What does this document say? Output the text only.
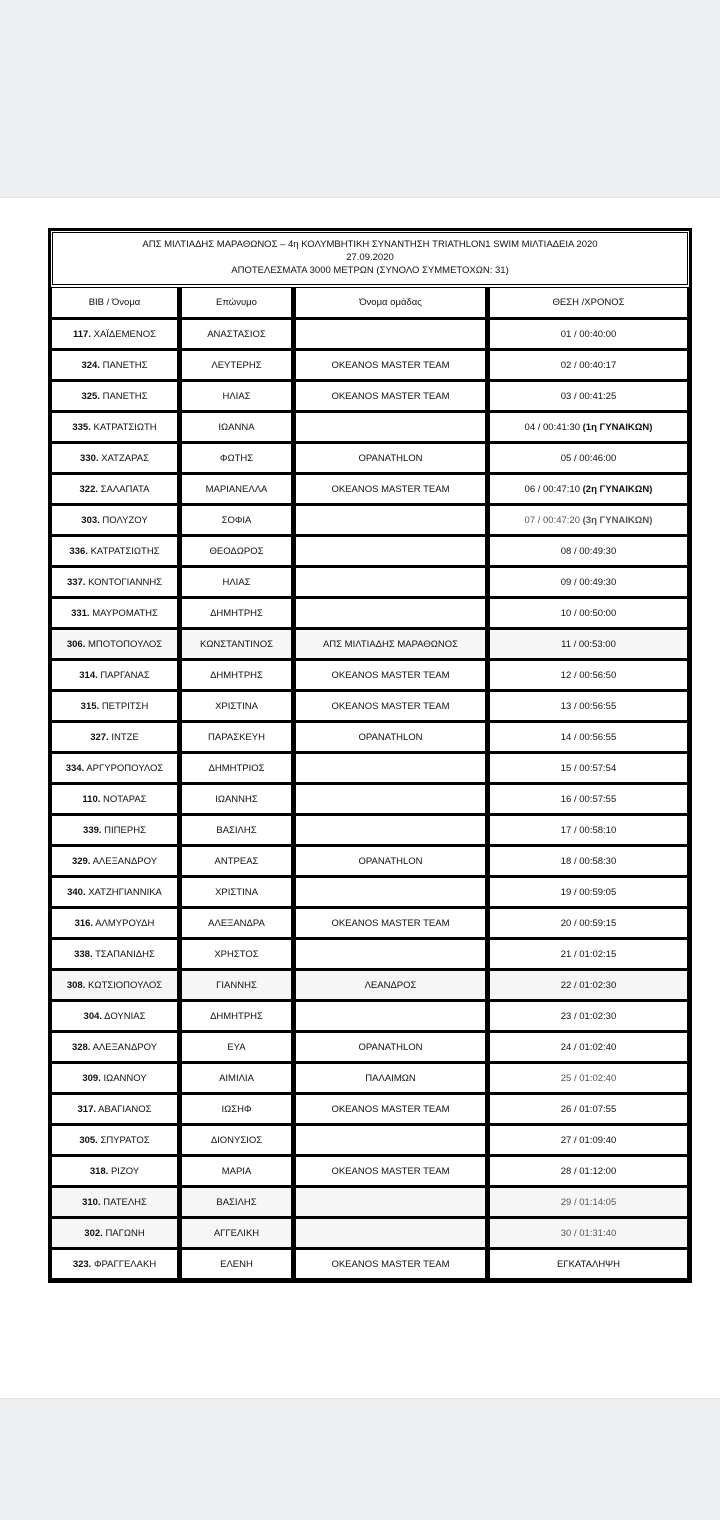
ΑΠΣ ΜΙΛΤΙΑΔΗΣ ΜΑΡΑΘΩΝΟΣ – 4η ΚΟΛΥΜΒΗΤΙΚΗ ΣΥΝΑΝΤΗΣΗ TRIATHLON1 SWIM ΜΙΛΤΙΑΔΕΙΑ 2020
27.09.2020
ΑΠΟΤΕΛΕΣΜΑΤΑ 3000 ΜΕΤΡΩΝ (ΣΥΝΟΛΟ ΣΥΜΜΕΤΟΧΩΝ: 31)
BIB / Όνομα	Επώνυμο	Όνομα ομάδας	ΘΕΣΗ /ΧΡΟΝΟΣ
117. ΧΑΪΔΕΜΕΝΟΣ	ΑΝΑΣΤΑΣΙΟΣ		01 / 00:40:00
324. ΠΑΝΕΤΗΣ	ΛΕΥΤΕΡΗΣ	OKEANOS MASTER TEAM	02 / 00:40:17
325. ΠΑΝΕΤΗΣ	ΗΛΙΑΣ	OKEANOS MASTER TEAM	03 / 00:41:25
335. ΚΑΤΡΑΤΣΙΩΤΗ	ΙΩΑΝΝΑ		04 / 00:41:30 (1η ΓΥΝΑΙΚΩΝ)
330. ΧΑΤΖΑΡΑΣ	ΦΩΤΗΣ	OPANATHLON	05 / 00:46:00
322. ΣΑΛΑΠΑΤΑ	ΜΑΡΙΑΝΕΛΛΑ	OKEANOS MASTER TEAM	06 / 00:47:10 (2η ΓΥΝΑΙΚΩΝ)
303. ΠΟΛΥΖΟΥ	ΣΟΦΙΑ		07 / 00:47:20 (3η ΓΥΝΑΙΚΩΝ)
336. ΚΑΤΡΑΤΣΙΩΤΗΣ	ΘΕΟΔΩΡΟΣ		08 / 00:49:30
337. ΚΟΝΤΟΓΙΑΝΝΗΣ	ΗΛΙΑΣ		09 / 00:49:30
331. ΜΑΥΡΟΜΑΤΗΣ	ΔΗΜΗΤΡΗΣ		10 / 00:50:00
306. ΜΠΟΤΟΠΟΥΛΟΣ	ΚΩΝΣΤΑΝΤΙΝΟΣ	ΑΠΣ ΜΙΛΤΙΑΔΗΣ ΜΑΡΑΘΩΝΟΣ	11 / 00:53:00
314. ΠΑΡΓΑΝΑΣ	ΔΗΜΗΤΡΗΣ	OKEANOS MASTER TEAM	12 / 00:56:50
315. ΠΕΤΡΙΤΣΗ	ΧΡΙΣΤΙΝΑ	OKEANOS MASTER TEAM	13 / 00:56:55
327. ΙΝΤΖΕ	ΠΑΡΑΣΚΕΥΗ	OPANATHLON	14 / 00:56:55
334. ΑΡΓΥΡΟΠΟΥΛΟΣ	ΔΗΜΗΤΡΙΟΣ		15 / 00:57:54
110. ΝΟΤΑΡΑΣ	ΙΩΑΝΝΗΣ		16 / 00:57:55
339. ΠΙΠΕΡΗΣ	ΒΑΣΙΛΗΣ		17 / 00:58:10
329. ΑΛΕΞΑΝΔΡΟΥ	ΑΝΤΡΕΑΣ	OPANATHLON	18 / 00:58:30
340. ΧΑΤΖΗΓΙΑΝΝΙΚΑ	ΧΡΙΣΤΙΝΑ		19 / 00:59:05
316. ΑΛΜΥΡΟΥΔΗ	ΑΛΕΞΑΝΔΡΑ	OKEANOS MASTER TEAM	20 / 00:59:15
338. ΤΣΑΠΑΝΙΔΗΣ	ΧΡΗΣΤΟΣ		21 / 01:02:15
308. ΚΩΤΣΙΟΠΟΥΛΟΣ	ΓΙΑΝΝΗΣ	ΛΕΑΝΔΡΟΣ	22 / 01:02:30
304. ΔΟΥΝΙΑΣ	ΔΗΜΗΤΡΗΣ		23 / 01:02:30
328. ΑΛΕΞΑΝΔΡΟΥ	ΕΥΑ	OPANATHLON	24 / 01:02:40
309. ΙΩΑΝΝΟΥ	ΑΙΜΙΛΙΑ	ΠΑΛΑΙΜΩΝ	25 / 01:02:40
317. ΑΒΑΓΙΑΝΟΣ	ΙΩΣΗΦ	OKEANOS MASTER TEAM	26 / 01:07:55
305. ΣΠΥΡΑΤΟΣ	ΔΙΟΝΥΣΙΟΣ		27 / 01:09:40
318. ΡΙΖΟΥ	ΜΑΡΙΑ	OKEANOS MASTER TEAM	28 / 01:12:00
310. ΠΑΤΕΛΗΣ	ΒΑΣΙΛΗΣ		29 / 01:14:05
302. ΠΑΓΩΝΗ	ΑΓΓΕΛΙΚΗ		30 / 01:31:40
323. ΦΡΑΓΓΕΛΑΚΗ	ΕΛΕΝΗ	OKEANOS MASTER TEAM	ΕΓΚΑΤΑΛΗΨΗ
